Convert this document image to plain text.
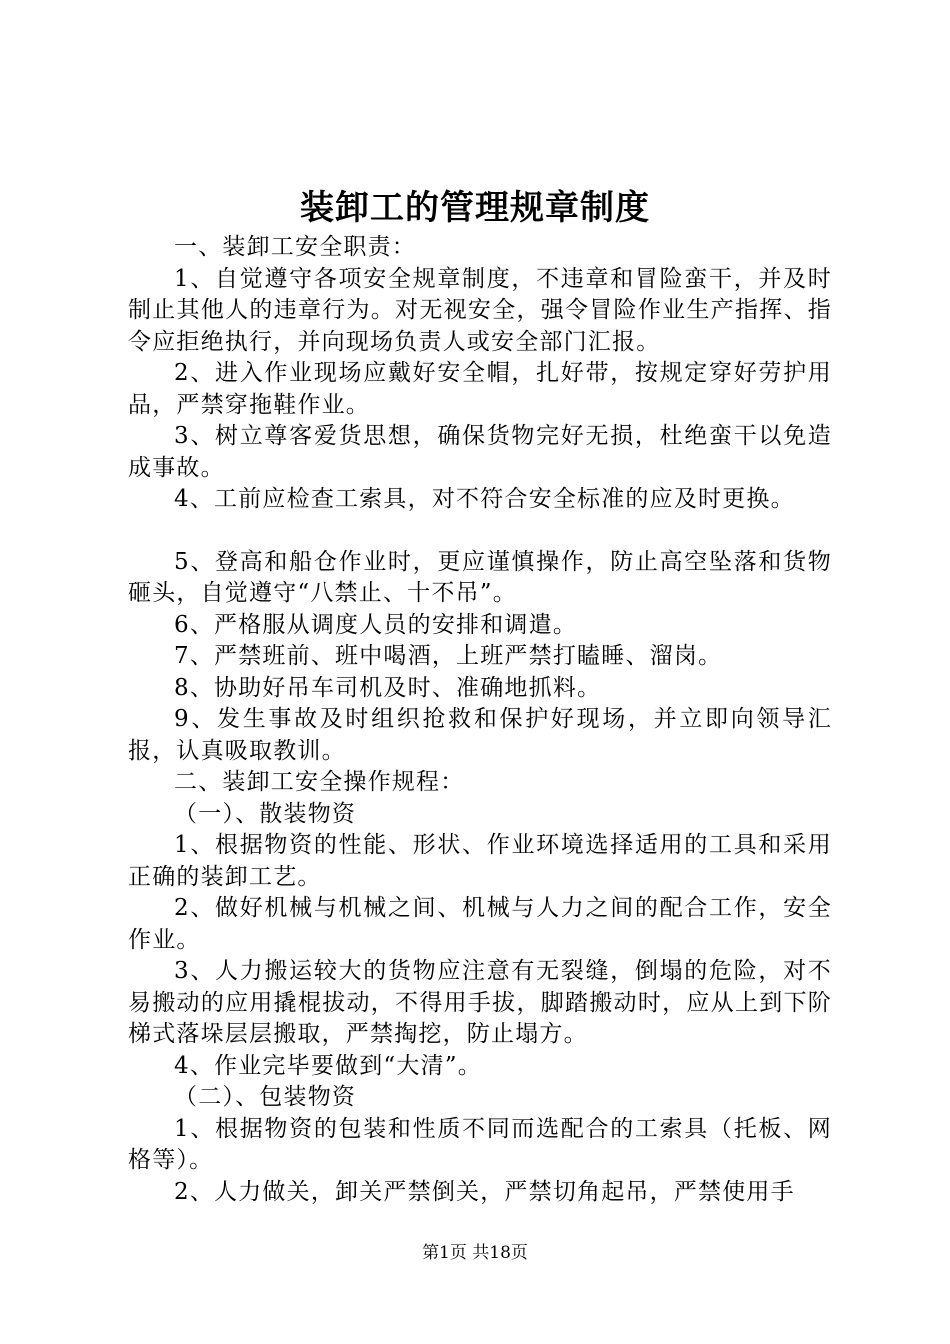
装卸工的管理规章制度

一、装卸工安全职责：

1、自觉遵守各项安全规章制度，不违章和冒险蛮干，并及时制止其他人的违章行为。对无视安全，强令冒险作业生产指挥、指令应拒绝执行，并向现场负责人或安全部门汇报。

2、进入作业现场应戴好安全帽，扎好带，按规定穿好劳护用品，严禁穿拖鞋作业。

3、树立尊客爱货思想，确保货物完好无损，杜绝蛮干以免造成事故。

4、工前应检查工索具，对不符合安全标准的应及时更换。

5、登高和船仓作业时，更应谨慎操作，防止高空坠落和货物砸头，自觉遵守“八禁止、十不吊”。

6、严格服从调度人员的安排和调遣。

7、严禁班前、班中喝酒，上班严禁打瞌睡、溜岗。

8、协助好吊车司机及时、准确地抓料。

9、发生事故及时组织抢救和保护好现场，并立即向领导汇报，认真吸取教训。

二、装卸工安全操作规程：

（一）、散装物资

1、根据物资的性能、形状、作业环境选择适用的工具和采用正确的装卸工艺。

2、做好机械与机械之间、机械与人力之间的配合工作，安全作业。

3、人力搬运较大的货物应注意有无裂缝，倒塌的危险，对不易搬动的应用撬棍拔动，不得用手拔，脚踏搬动时，应从上到下阶梯式落垛层层搬取，严禁掏挖，防止塌方。

4、作业完毕要做到“大清”。

（二）、包装物资

1、根据物资的包装和性质不同而选配合的工索具（托板、网格等）。

2、人力做关，卸关严禁倒关，严禁切角起吊，严禁使用手

第1页 共18页
